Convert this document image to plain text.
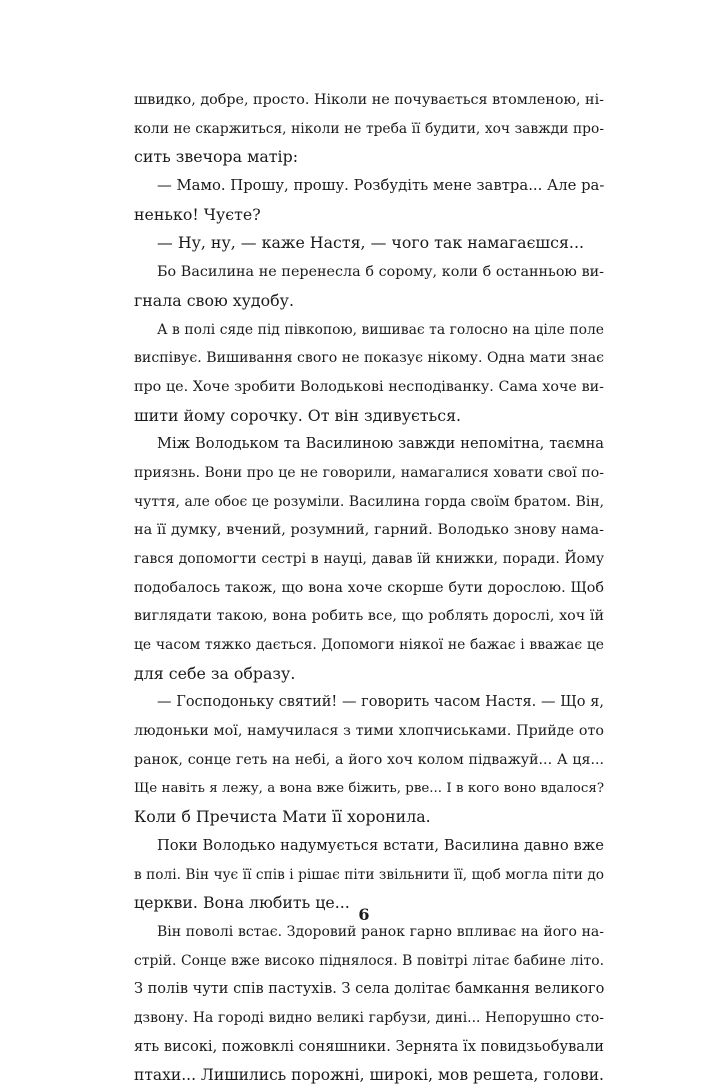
швидко, добре, просто. Ніколи не почувається втомленою, ні-
коли не скаржиться, ніколи не треба її будити, хоч завжди про-
сить звечора матір:
— Мамо. Прошу, прошу. Розбудіть мене завтра... Але ра-
ненько! Чуєте?
— Ну, ну, — каже Настя, — чого так намагаєшся...
Бо Василина не перенесла б сорому, коли б останньою ви-
гнала свою худобу.
А в полі сяде під півкопою, вишиває та голосно на ціле поле
виспівує. Вишивання свого не показує нікому. Одна мати знає
про це. Хоче зробити Володькові несподіванку. Сама хоче ви-
шити йому сорочку. От він здивується.
Між Володьком та Василиною завжди непомітна, таємна
приязнь. Вони про це не говорили, намагалися ховати свої по-
чуття, але обоє це розуміли. Василина горда своїм братом. Він,
на її думку, вчений, розумний, гарний. Володько знову нама-
гався допомогти сестрі в науці, давав їй книжки, поради. Йому
подобалось також, що вона хоче скорше бути дорослою. Щоб
виглядати такою, вона робить все, що роблять дорослі, хоч їй
це часом тяжко дається. Допомоги ніякої не бажає і вважає це
для себе за образу.
— Господоньку святий! — говорить часом Настя. — Що я,
людоньки мої, намучилася з тими хлопчиськами. Прийде ото
ранок, сонце геть на небі, а його хоч колом підважуй... А ця...
Ще навіть я лежу, а вона вже біжить, рве... І в кого воно вдалося?
Коли б Пречиста Мати її хоронила.
Поки Володько надумується встати, Василина давно вже
в полі. Він чує її спів і рішає піти звільнити її, щоб могла піти до
церкви. Вона любить це...
Він поволі встає. Здоровий ранок гарно впливає на його на-
стрій. Сонце вже високо піднялося. В повітрі літає бабине літо.
З полів чути спів пастухів. З села долітає бамкання великого
дзвону. На городі видно великі гарбузи, дині... Непорушно сто-
ять високі, пожовклі соняшники. Зернята їх повидзьобували
птахи... Лишились порожні, широкі, мов решета, голови.
6
